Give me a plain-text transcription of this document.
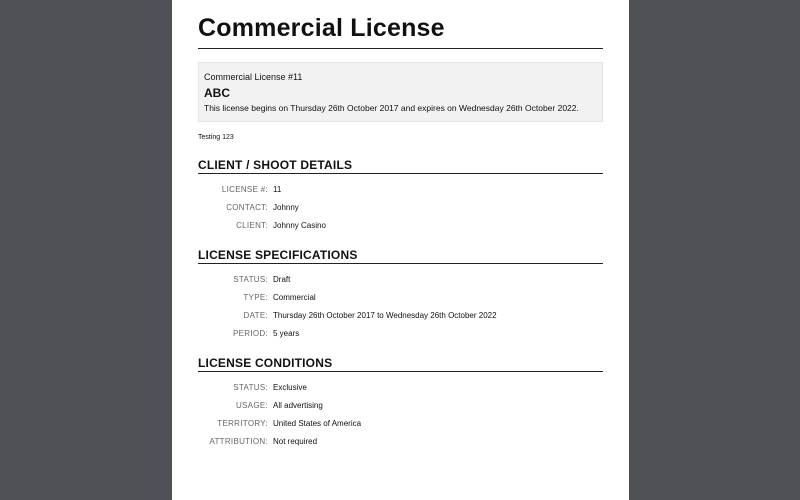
Commercial License
Commercial License #11
ABC
This license begins on Thursday 26th October 2017 and expires on Wednesday 26th October 2022.
Testing 123
CLIENT / SHOOT DETAILS
LICENSE #: 11
CONTACT: Johnny
CLIENT: Johnny Casino
LICENSE SPECIFICATIONS
STATUS: Draft
TYPE: Commercial
DATE: Thursday 26th October 2017 to Wednesday 26th October 2022
PERIOD: 5 years
LICENSE CONDITIONS
STATUS: Exclusive
USAGE: All advertising
TERRITORY: United States of America
ATTRIBUTION: Not required
